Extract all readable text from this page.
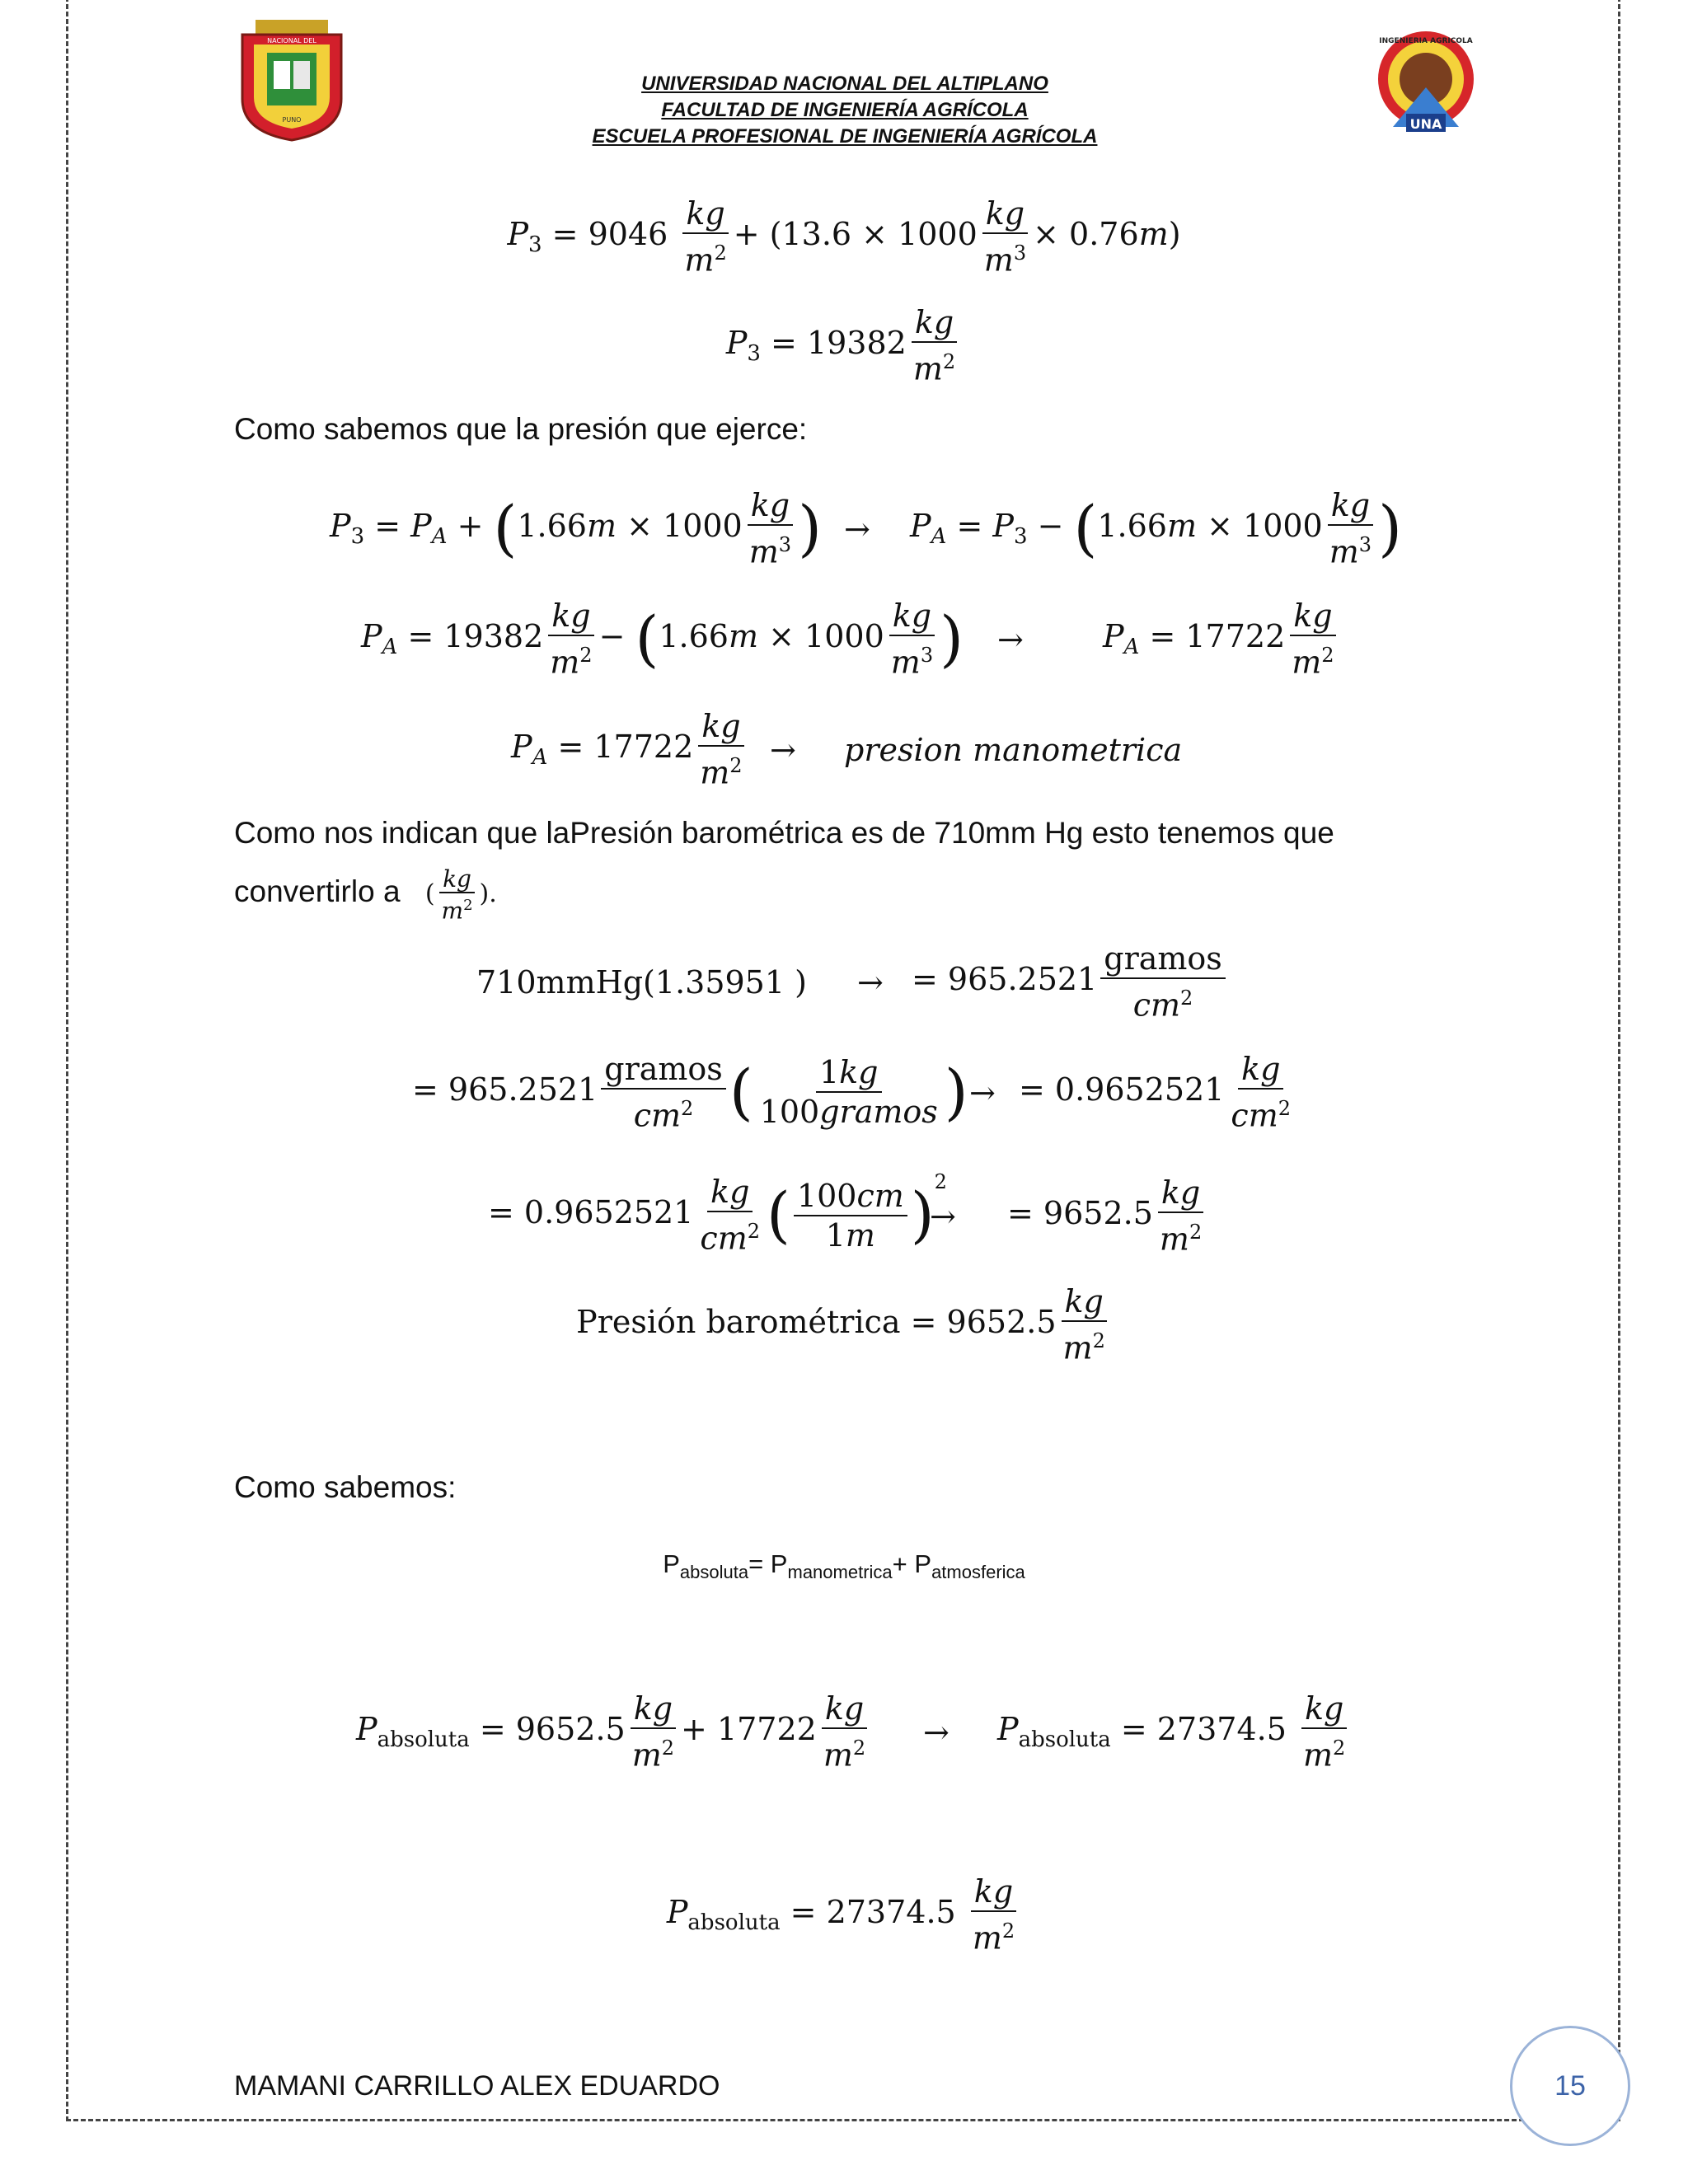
NACIONAL DEL
PUNO	UNA
INGENIERIA AGRICOLA
UNIVERSIDAD NACIONAL DEL ALTIPLANO
FACULTAD DE INGENIERÍA AGRÍCOLA
ESCUELA PROFESIONAL DE INGENIERÍA AGRÍCOLA
$P_3 = 9046 \frac{kg}{m^2} + (13.6 \times 1000 \frac{kg}{m^3} \times 0.76m)$
$P_3 = 19382 \frac{kg}{m^2}$
Como sabemos que la presión que ejerce:
$P_3 = P_A + (1.66m \times 1000 \frac{kg}{m^3}$ ) → $P_A = P_3 - (1.66m \times 1000 \frac{kg}{m^3}$ )
$P_A = 19382 \frac{kg}{m^2} - (1.66m \times 1000 \frac{kg}{m^3}$ ) →	$P_A = 17722 \frac{kg}{m^2}$
$P_A = 17722 \frac{kg}{m^2}$ → presion manometrica
Como nos indican que laPresión barométrica es de 710mm Hg esto tenemos que
convertirlo a ( $\frac{kg}{m^2}$ ).
710mmHg(1.35951 ) → = $965.2521 \frac{\text{gramos}}{cm^2}$
= $965.2521 \frac{\text{gramos}}{cm^2}$ ( $\frac{1kg}{\text{100gramos}}$ ) → = $0.9652521 \frac{kg}{cm^2}$
= $0.9652521 \frac{kg}{cm^2}$ ( $\frac{100cm}{1m} )^2$
→ = $9652.5 \frac{kg}{m^2}$
Presión barométrica = $9652.5 \frac{kg}{m^2}$
Como sabemos:
$P_{absoluta}= P_{manometrica}+ P_{atmosferica}$
$P_{absoluta} = 9652.5 \frac{kg}{m^2} + 17722 \frac{kg}{m^2} \to P_{absoluta} = 27374.5 \frac{kg}{m^2}$
$P_{absoluta} = 27374.5 \frac{kg}{m^2}$
MAMANI CARRILLO ALEX EDUARDO	15
